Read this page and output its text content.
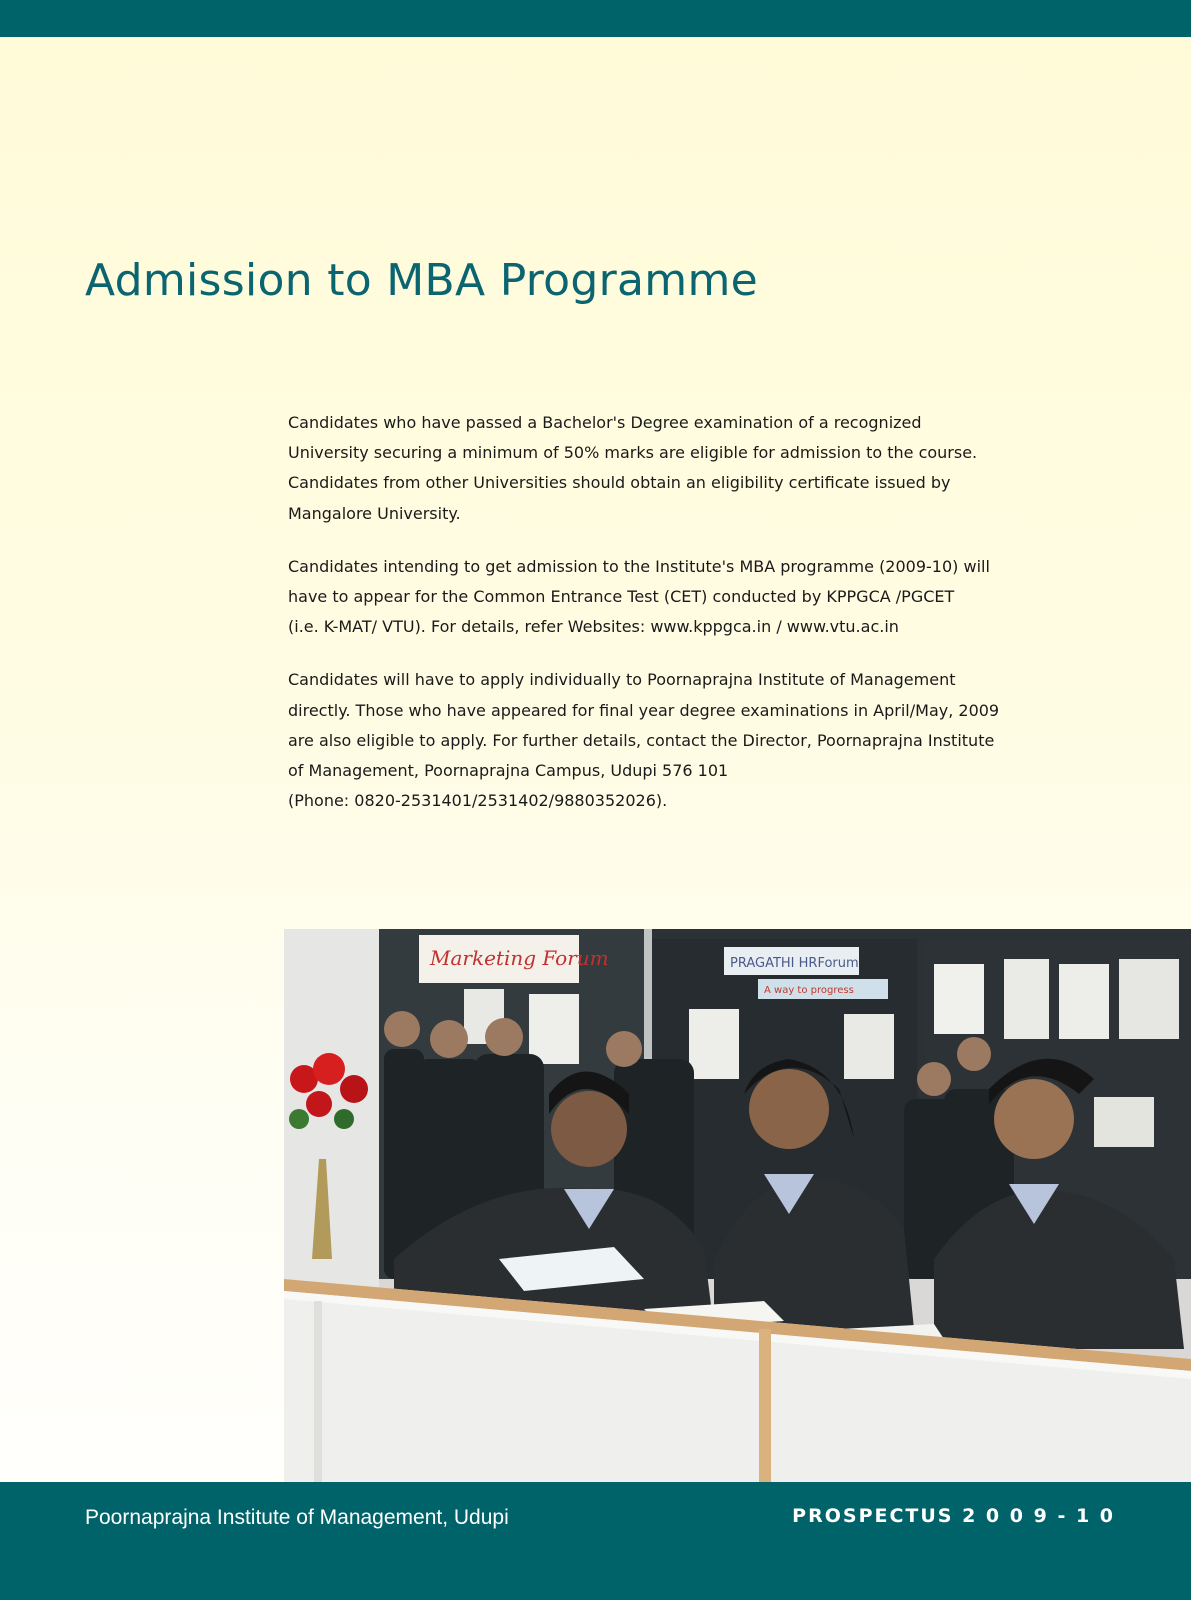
Admission to MBA Programme

Candidates who have passed a Bachelor's Degree examination of a recognized
University securing a minimum of 50% marks are eligible for admission to the course.
Candidates from other Universities should obtain an eligibility certificate issued by
Mangalore University.

Candidates intending to get admission to the Institute's MBA programme (2009-10) will
have to appear for the Common Entrance Test (CET) conducted by KPPGCA /PGCET
(i.e. K-MAT/ VTU). For details, refer Websites: www.kppgca.in / www.vtu.ac.in

Candidates will have to apply individually to Poornaprajna Institute of Management
directly. Those who have appeared for final year degree examinations in April/May, 2009
are also eligible to apply. For further details, contact the Director, Poornaprajna Institute
of Management, Poornaprajna Campus, Udupi 576 101
(Phone: 0820-2531401/2531402/9880352026).

Marketing Forum	PRAGATHI HRForum
A way to progress
Poornaprajna Institute of Management, Udupi	PROSPECTUS 2 0 0 9 - 1 0
